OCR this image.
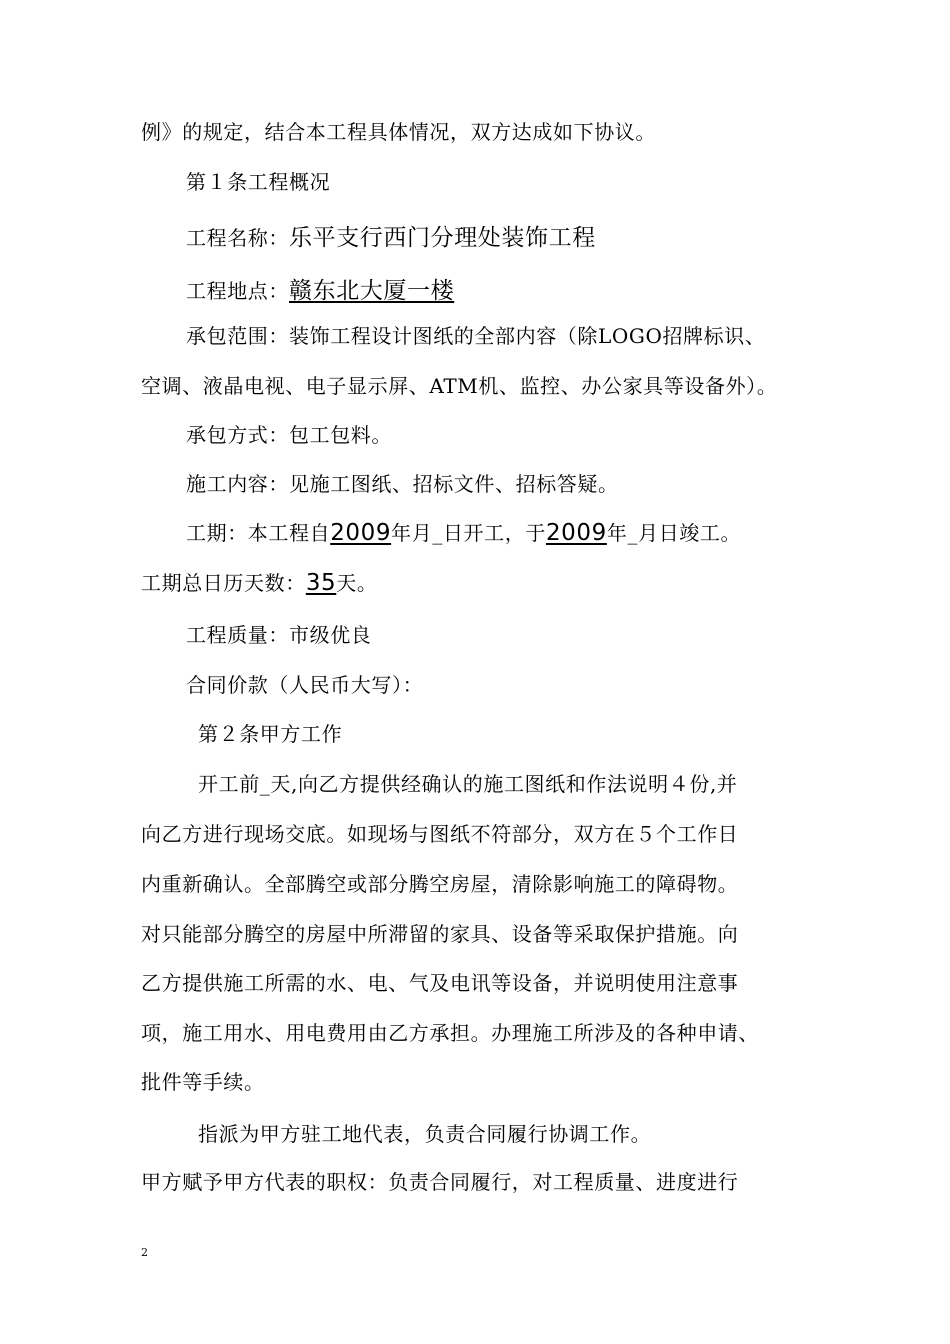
例》的规定，结合本工程具体情况，双方达成如下协议。
第１条工程概况
工程名称：乐平支行西门分理处装饰工程
工程地点：赣东北大厦一楼
承包范围：装饰工程设计图纸的全部内容（除LOGO招牌标识、
空调、液晶电视、电子显示屏、ATM机、监控、办公家具等设备外）。
承包方式：包工包料。
施工内容：见施工图纸、招标文件、招标答疑。
工期：本工程自2009年月_日开工，于2009年_月日竣工。
工期总日历天数：35天。
工程质量：市级优良
合同价款（人民币大写）：
第２条甲方工作
开工前_天,向乙方提供经确认的施工图纸和作法说明４份,并
向乙方进行现场交底。如现场与图纸不符部分，双方在５个工作日
内重新确认。全部腾空或部分腾空房屋，清除影响施工的障碍物。
对只能部分腾空的房屋中所滞留的家具、设备等采取保护措施。向
乙方提供施工所需的水、电、气及电讯等设备，并说明使用注意事
项，施工用水、用电费用由乙方承担。办理施工所涉及的各种申请、
批件等手续。
指派为甲方驻工地代表，负责合同履行协调工作。
甲方赋予甲方代表的职权：负责合同履行，对工程质量、进度进行
2
